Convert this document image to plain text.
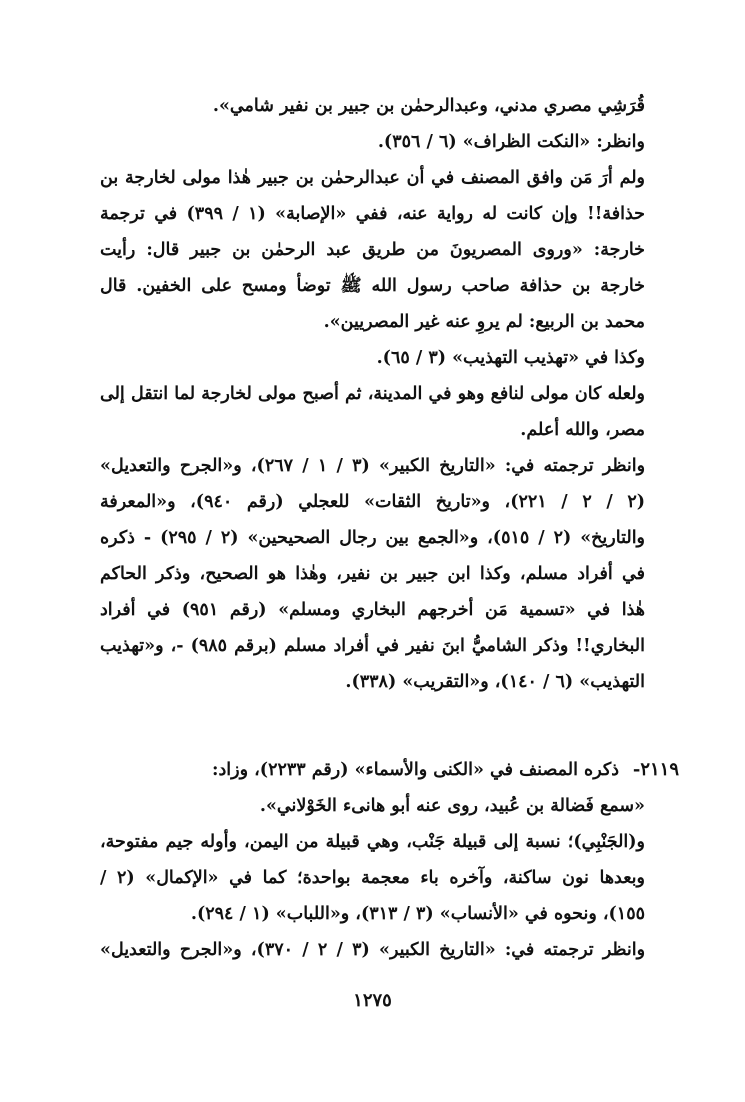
قُرَشِي مصري مدني، وعبدالرحمٰن بن جبير بن نفير شامي».
وانظر: «النكت الظراف» (٦ / ٣٥٦).
ولم أرَ مَن وافق المصنف في أن عبدالرحمٰن بن جبير هٰذا مولى لخارجة بن
حذافة!! وإن كانت له رواية عنه، ففي «الإصابة» (١ / ٣٩٩) في ترجمة
خارجة: «وروى المصريونَ من طريق عبد الرحمٰن بن جبير قال: رأيت
خارجة بن حذافة صاحب رسول الله ﷺ توضأ ومسح على الخفين. قال
محمد بن الربيع: لم يروِ عنه غير المصريين».
وكذا في «تهذيب التهذيب» (٣ / ٦٥).
ولعله كان مولى لنافع وهو في المدينة، ثم أصبح مولى لخارجة لما انتقل إلى
مصر، والله أعلم.
وانظر ترجمته في: «التاريخ الكبير» (٣ / ١ / ٢٦٧)، و«الجرح والتعديل»
(٢ / ٢ / ٢٢١)، و«تاريخ الثقات» للعجلي (رقم ٩٤٠)، و«المعرفة
والتاريخ» (٢ / ٥١٥)، و«الجمع بين رجال الصحيحين» (٢ / ٢٩٥) - ذكره
في أفراد مسلم، وكذا ابن جبير بن نفير، وهٰذا هو الصحيح، وذكر الحاكم
هٰذا في «تسمية مَن أخرجهم البخاري ومسلم» (رقم ٩٥١) في أفراد
البخاري!! وذكر الشاميُّ ابنَ نفير في أفراد مسلم (برقم ٩٨٥) -، و«تهذيب
التهذيب» (٦ / ١٤٠)، و«التقريب» (٣٣٨).
٢١١٩-
ذكره المصنف في «الكنى والأسماء» (رقم ٢٢٣٣)، وزاد:
«سمع فَضالة بن عُبيد، روى عنه أبو هانىء الخَوْلاني».
و(الجَنْبِي)؛ نسبة إلى قبيلة جَنْب، وهي قبيلة من اليمن، وأوله جيم مفتوحة،
وبعدها نون ساكنة، وآخره باء معجمة بواحدة؛ كما في «الإكمال» (٢ /
١٥٥)، ونحوه في «الأنساب» (٣ / ٣١٣)، و«اللباب» (١ / ٢٩٤).
وانظر ترجمته في: «التاريخ الكبير» (٣ / ٢ / ٣٧٠)، و«الجرح والتعديل»
١٢٧٥
